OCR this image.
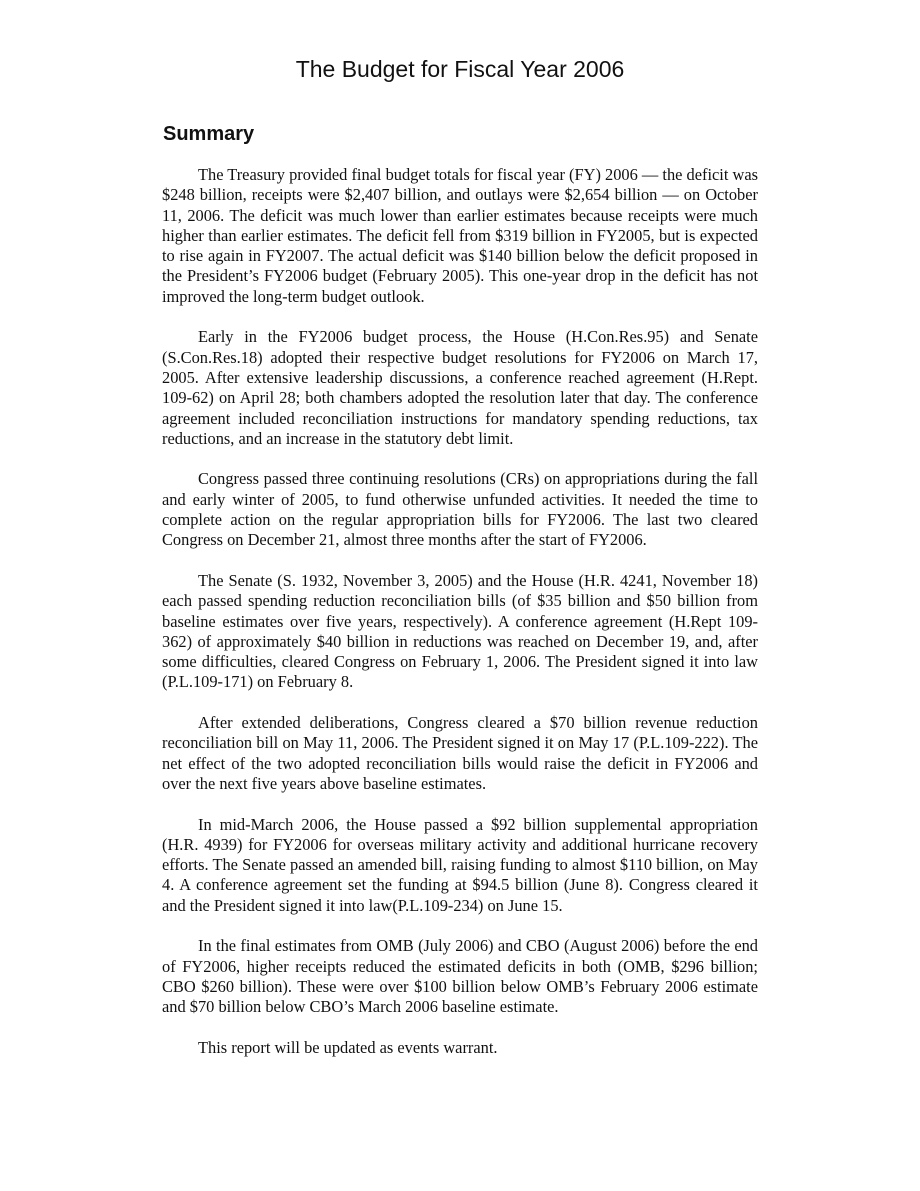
The Budget for Fiscal Year 2006
Summary

The Treasury provided final budget totals for fiscal year (FY) 2006 — the deficit was $248 billion, receipts were $2,407 billion, and outlays were $2,654 billion — on October 11, 2006. The deficit was much lower than earlier estimates because receipts were much higher than earlier estimates. The deficit fell from $319 billion in FY2005, but is expected to rise again in FY2007. The actual deficit was $140 billion below the deficit proposed in the President’s FY2006 budget (February 2005). This one-year drop in the deficit has not improved the long-term budget outlook.

Early in the FY2006 budget process, the House (H.Con.Res.95) and Senate (S.Con.Res.18) adopted their respective budget resolutions for FY2006 on March 17, 2005. After extensive leadership discussions, a conference reached agreement (H.Rept. 109-62) on April 28; both chambers adopted the resolution later that day. The conference agreement included reconciliation instructions for mandatory spending reductions, tax reductions, and an increase in the statutory debt limit.

Congress passed three continuing resolutions (CRs) on appropriations during the fall and early winter of 2005, to fund otherwise unfunded activities. It needed the time to complete action on the regular appropriation bills for FY2006. The last two cleared Congress on December 21, almost three months after the start of FY2006.

The Senate (S. 1932, November 3, 2005) and the House (H.R. 4241, November 18) each passed spending reduction reconciliation bills (of $35 billion and $50 billion from baseline estimates over five years, respectively). A conference agreement (H.Rept 109-362) of approximately $40 billion in reductions was reached on December 19, and, after some difficulties, cleared Congress on February 1, 2006. The President signed it into law (P.L.109-171) on February 8.

After extended deliberations, Congress cleared a $70 billion revenue reduction reconciliation bill on May 11, 2006. The President signed it on May 17 (P.L.109-222). The net effect of the two adopted reconciliation bills would raise the deficit in FY2006 and over the next five years above baseline estimates.

In mid-March 2006, the House passed a $92 billion supplemental appropriation (H.R. 4939) for FY2006 for overseas military activity and additional hurricane recovery efforts. The Senate passed an amended bill, raising funding to almost $110 billion, on May 4. A conference agreement set the funding at $94.5 billion (June 8). Congress cleared it and the President signed it into law(P.L.109-234) on June 15.

In the final estimates from OMB (July 2006) and CBO (August 2006) before the end of FY2006, higher receipts reduced the estimated deficits in both (OMB, $296 billion; CBO $260 billion). These were over $100 billion below OMB’s February 2006 estimate and $70 billion below CBO’s March 2006 baseline estimate.

This report will be updated as events warrant.
